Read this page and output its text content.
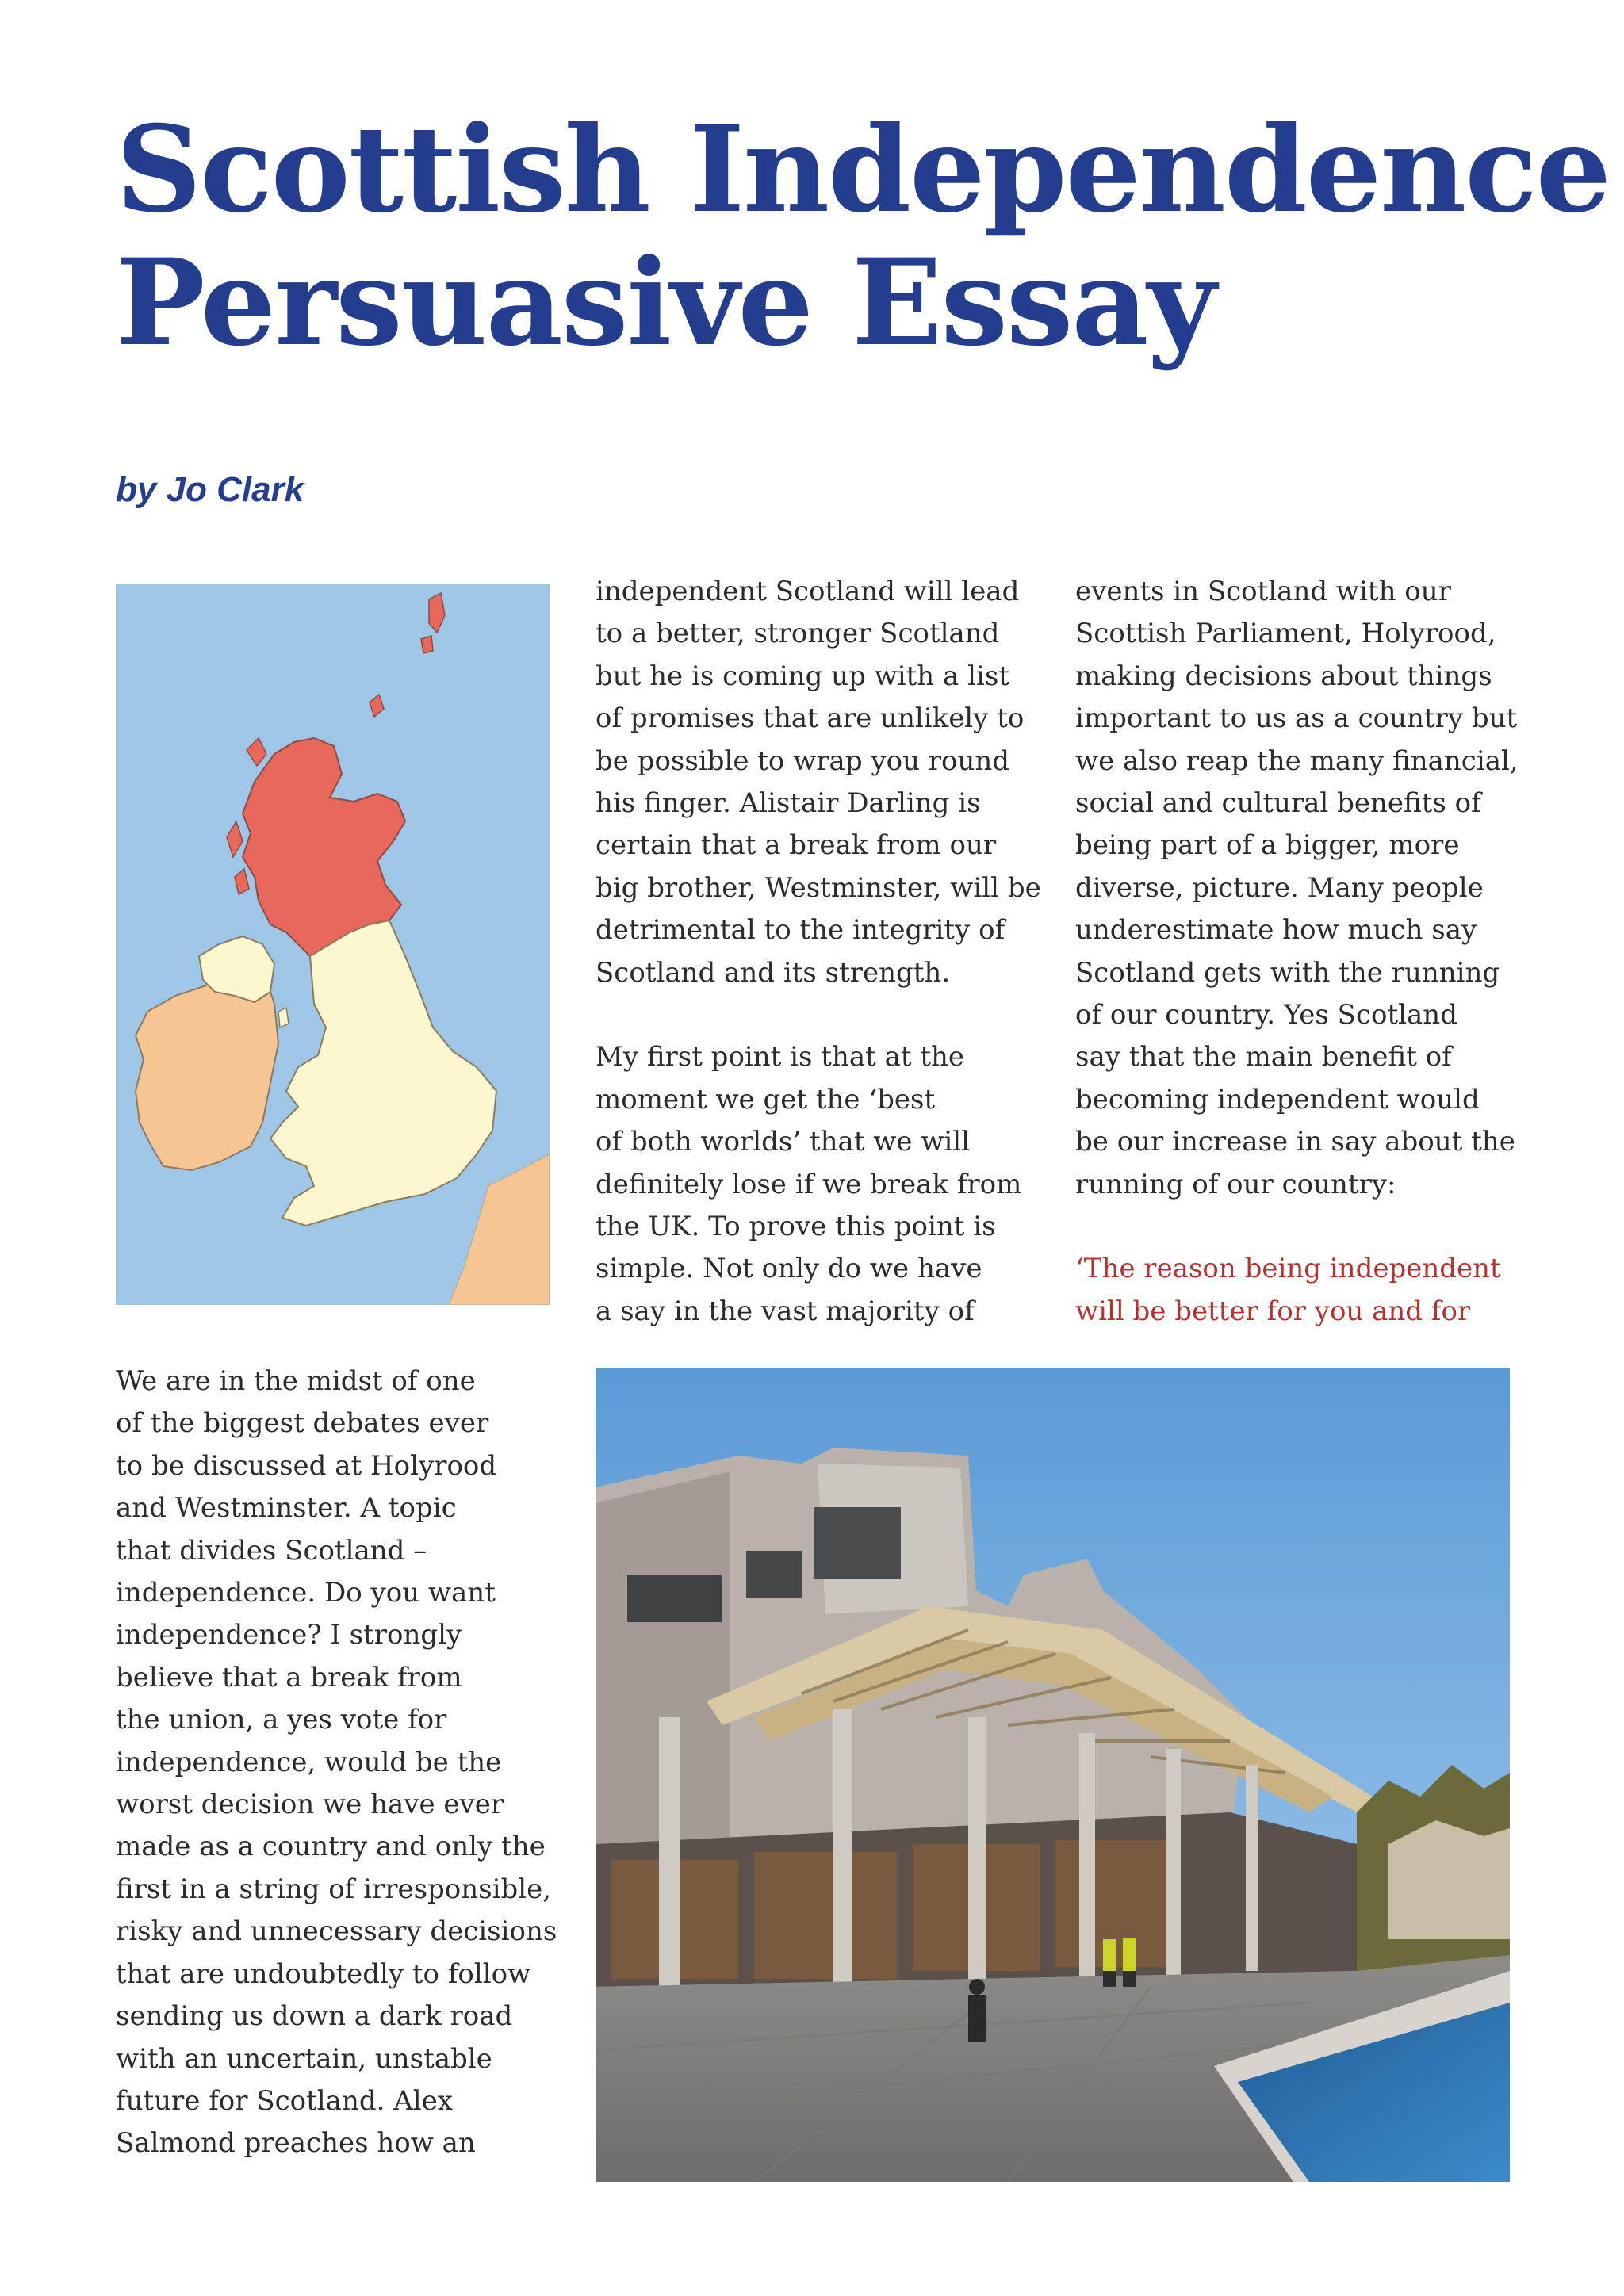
Scottish Independence
Persuasive Essay

by Jo Clark

We are in the midst of one
of the biggest debates ever
to be discussed at Holyrood
and Westminster. A topic
that divides Scotland –
independence. Do you want
independence? I strongly
believe that a break from
the union, a yes vote for
independence, would be the
worst decision we have ever
made as a country and only the
first in a string of irresponsible,
risky and unnecessary decisions
that are undoubtedly to follow
sending us down a dark road
with an uncertain, unstable
future for Scotland. Alex
Salmond preaches how an

independent Scotland will lead
to a better, stronger Scotland
but he is coming up with a list
of promises that are unlikely to
be possible to wrap you round
his finger. Alistair Darling is
certain that a break from our
big brother, Westminster, will be
detrimental to the integrity of
Scotland and its strength.

My first point is that at the
moment we get the ‘best
of both worlds’ that we will
definitely lose if we break from
the UK. To prove this point is
simple. Not only do we have
a say in the vast majority of

events in Scotland with our
Scottish Parliament, Holyrood,
making decisions about things
important to us as a country but
we also reap the many financial,
social and cultural benefits of
being part of a bigger, more
diverse, picture. Many people
underestimate how much say
Scotland gets with the running
of our country. Yes Scotland
say that the main benefit of
becoming independent would
be our increase in say about the
running of our country:

‘The reason being independent
will be better for you and for
